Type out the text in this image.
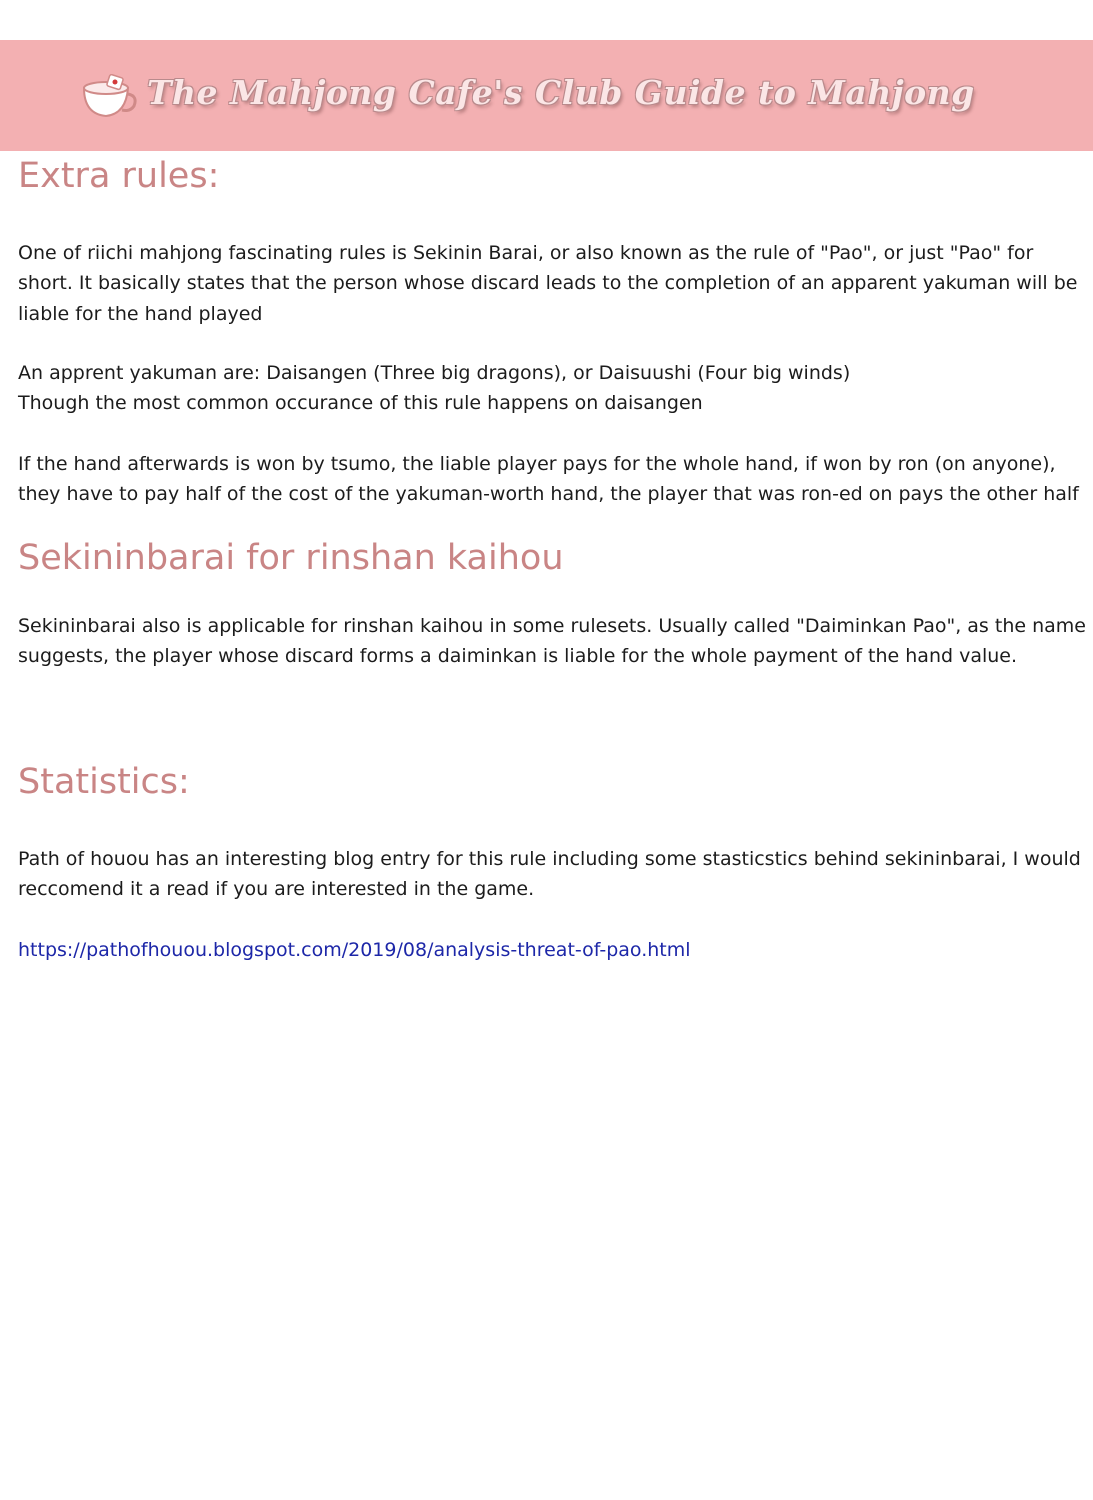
The Mahjong Cafe's Club Guide to Mahjong
Extra rules:

One of riichi mahjong fascinating rules is Sekinin Barai, or also known as the rule of "Pao", or just "Pao" for
short. It basically states that the person whose discard leads to the completion of an apparent yakuman will be
liable for the hand played

An apprent yakuman are: Daisangen (Three big dragons), or Daisuushi (Four big winds)
Though the most common occurance of this rule happens on daisangen

If the hand afterwards is won by tsumo, the liable player pays for the whole hand, if won by ron (on anyone),
they have to pay half of the cost of the yakuman-worth hand, the player that was ron-ed on pays the other half

Sekininbarai for rinshan kaihou

Sekininbarai also is applicable for rinshan kaihou in some rulesets. Usually called "Daiminkan Pao", as the name
suggests, the player whose discard forms a daiminkan is liable for the whole payment of the hand value.

Statistics:

Path of houou has an interesting blog entry for this rule including some stasticstics behind sekininbarai, I would
reccomend it a read if you are interested in the game.

https://pathofhouou.blogspot.com/2019/08/analysis-threat-of-pao.html
